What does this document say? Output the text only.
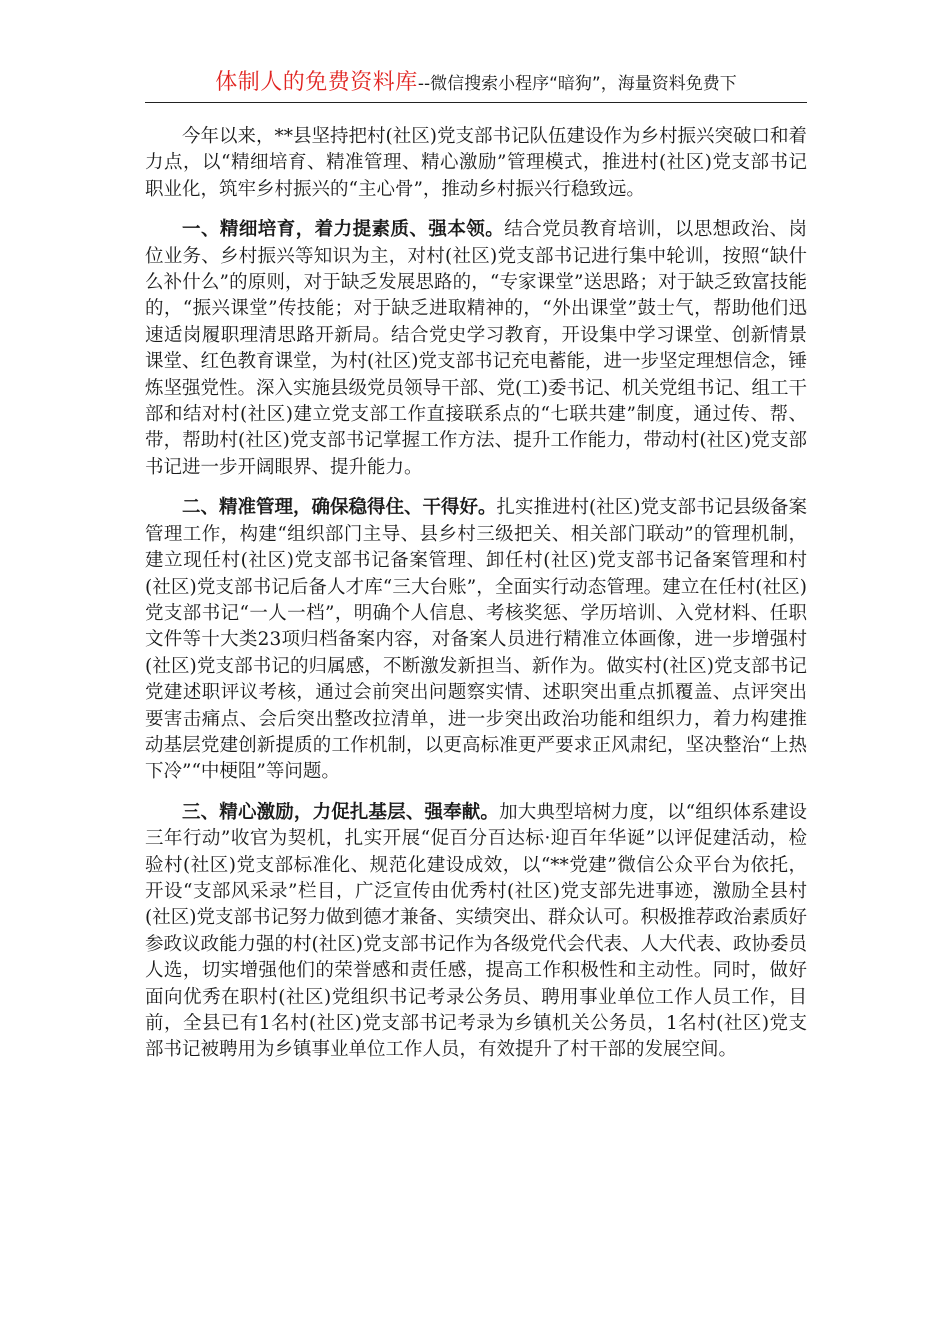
体制人的免费资料库--微信搜索小程序“暗狗”，海量资料免费下

今年以来，**县坚持把村(社区)党支部书记队伍建设作为乡村振兴突破口和着力点，以“精细培育、精准管理、精心激励”管理模式，推进村(社区)党支部书记职业化，筑牢乡村振兴的“主心骨”，推动乡村振兴行稳致远。

一、精细培育，着力提素质、强本领。结合党员教育培训，以思想政治、岗位业务、乡村振兴等知识为主，对村(社区)党支部书记进行集中轮训，按照“缺什么补什么”的原则，对于缺乏发展思路的，“专家课堂”送思路；对于缺乏致富技能的，“振兴课堂”传技能；对于缺乏进取精神的，“外出课堂”鼓士气，帮助他们迅速适岗履职理清思路开新局。结合党史学习教育，开设集中学习课堂、创新情景课堂、红色教育课堂，为村(社区)党支部书记充电蓄能，进一步坚定理想信念，锤炼坚强党性。深入实施县级党员领导干部、党(工)委书记、机关党组书记、组工干部和结对村(社区)建立党支部工作直接联系点的“七联共建”制度，通过传、帮、带，帮助村(社区)党支部书记掌握工作方法、提升工作能力，带动村(社区)党支部书记进一步开阔眼界、提升能力。

二、精准管理，确保稳得住、干得好。扎实推进村(社区)党支部书记县级备案管理工作，构建“组织部门主导、县乡村三级把关、相关部门联动”的管理机制，建立现任村(社区)党支部书记备案管理、卸任村(社区)党支部书记备案管理和村(社区)党支部书记后备人才库“三大台账”，全面实行动态管理。建立在任村(社区)党支部书记“一人一档”，明确个人信息、考核奖惩、学历培训、入党材料、任职文件等十大类23项归档备案内容，对备案人员进行精准立体画像，进一步增强村(社区)党支部书记的归属感，不断激发新担当、新作为。做实村(社区)党支部书记党建述职评议考核，通过会前突出问题察实情、述职突出重点抓覆盖、点评突出要害击痛点、会后突出整改拉清单，进一步突出政治功能和组织力，着力构建推动基层党建创新提质的工作机制，以更高标准更严要求正风肃纪，坚决整治“上热下冷”“中梗阻”等问题。

三、精心激励，力促扎基层、强奉献。加大典型培树力度，以“组织体系建设三年行动”收官为契机，扎实开展“促百分百达标·迎百年华诞”以评促建活动，检验村(社区)党支部标准化、规范化建设成效，以“**党建”微信公众平台为依托，开设“支部风采录”栏目，广泛宣传由优秀村(社区)党支部先进事迹，激励全县村(社区)党支部书记努力做到德才兼备、实绩突出、群众认可。积极推荐政治素质好参政议政能力强的村(社区)党支部书记作为各级党代会代表、人大代表、政协委员人选，切实增强他们的荣誉感和责任感，提高工作积极性和主动性。同时，做好面向优秀在职村(社区)党组织书记考录公务员、聘用事业单位工作人员工作，目前，全县已有1名村(社区)党支部书记考录为乡镇机关公务员，1名村(社区)党支部书记被聘用为乡镇事业单位工作人员，有效提升了村干部的发展空间。
